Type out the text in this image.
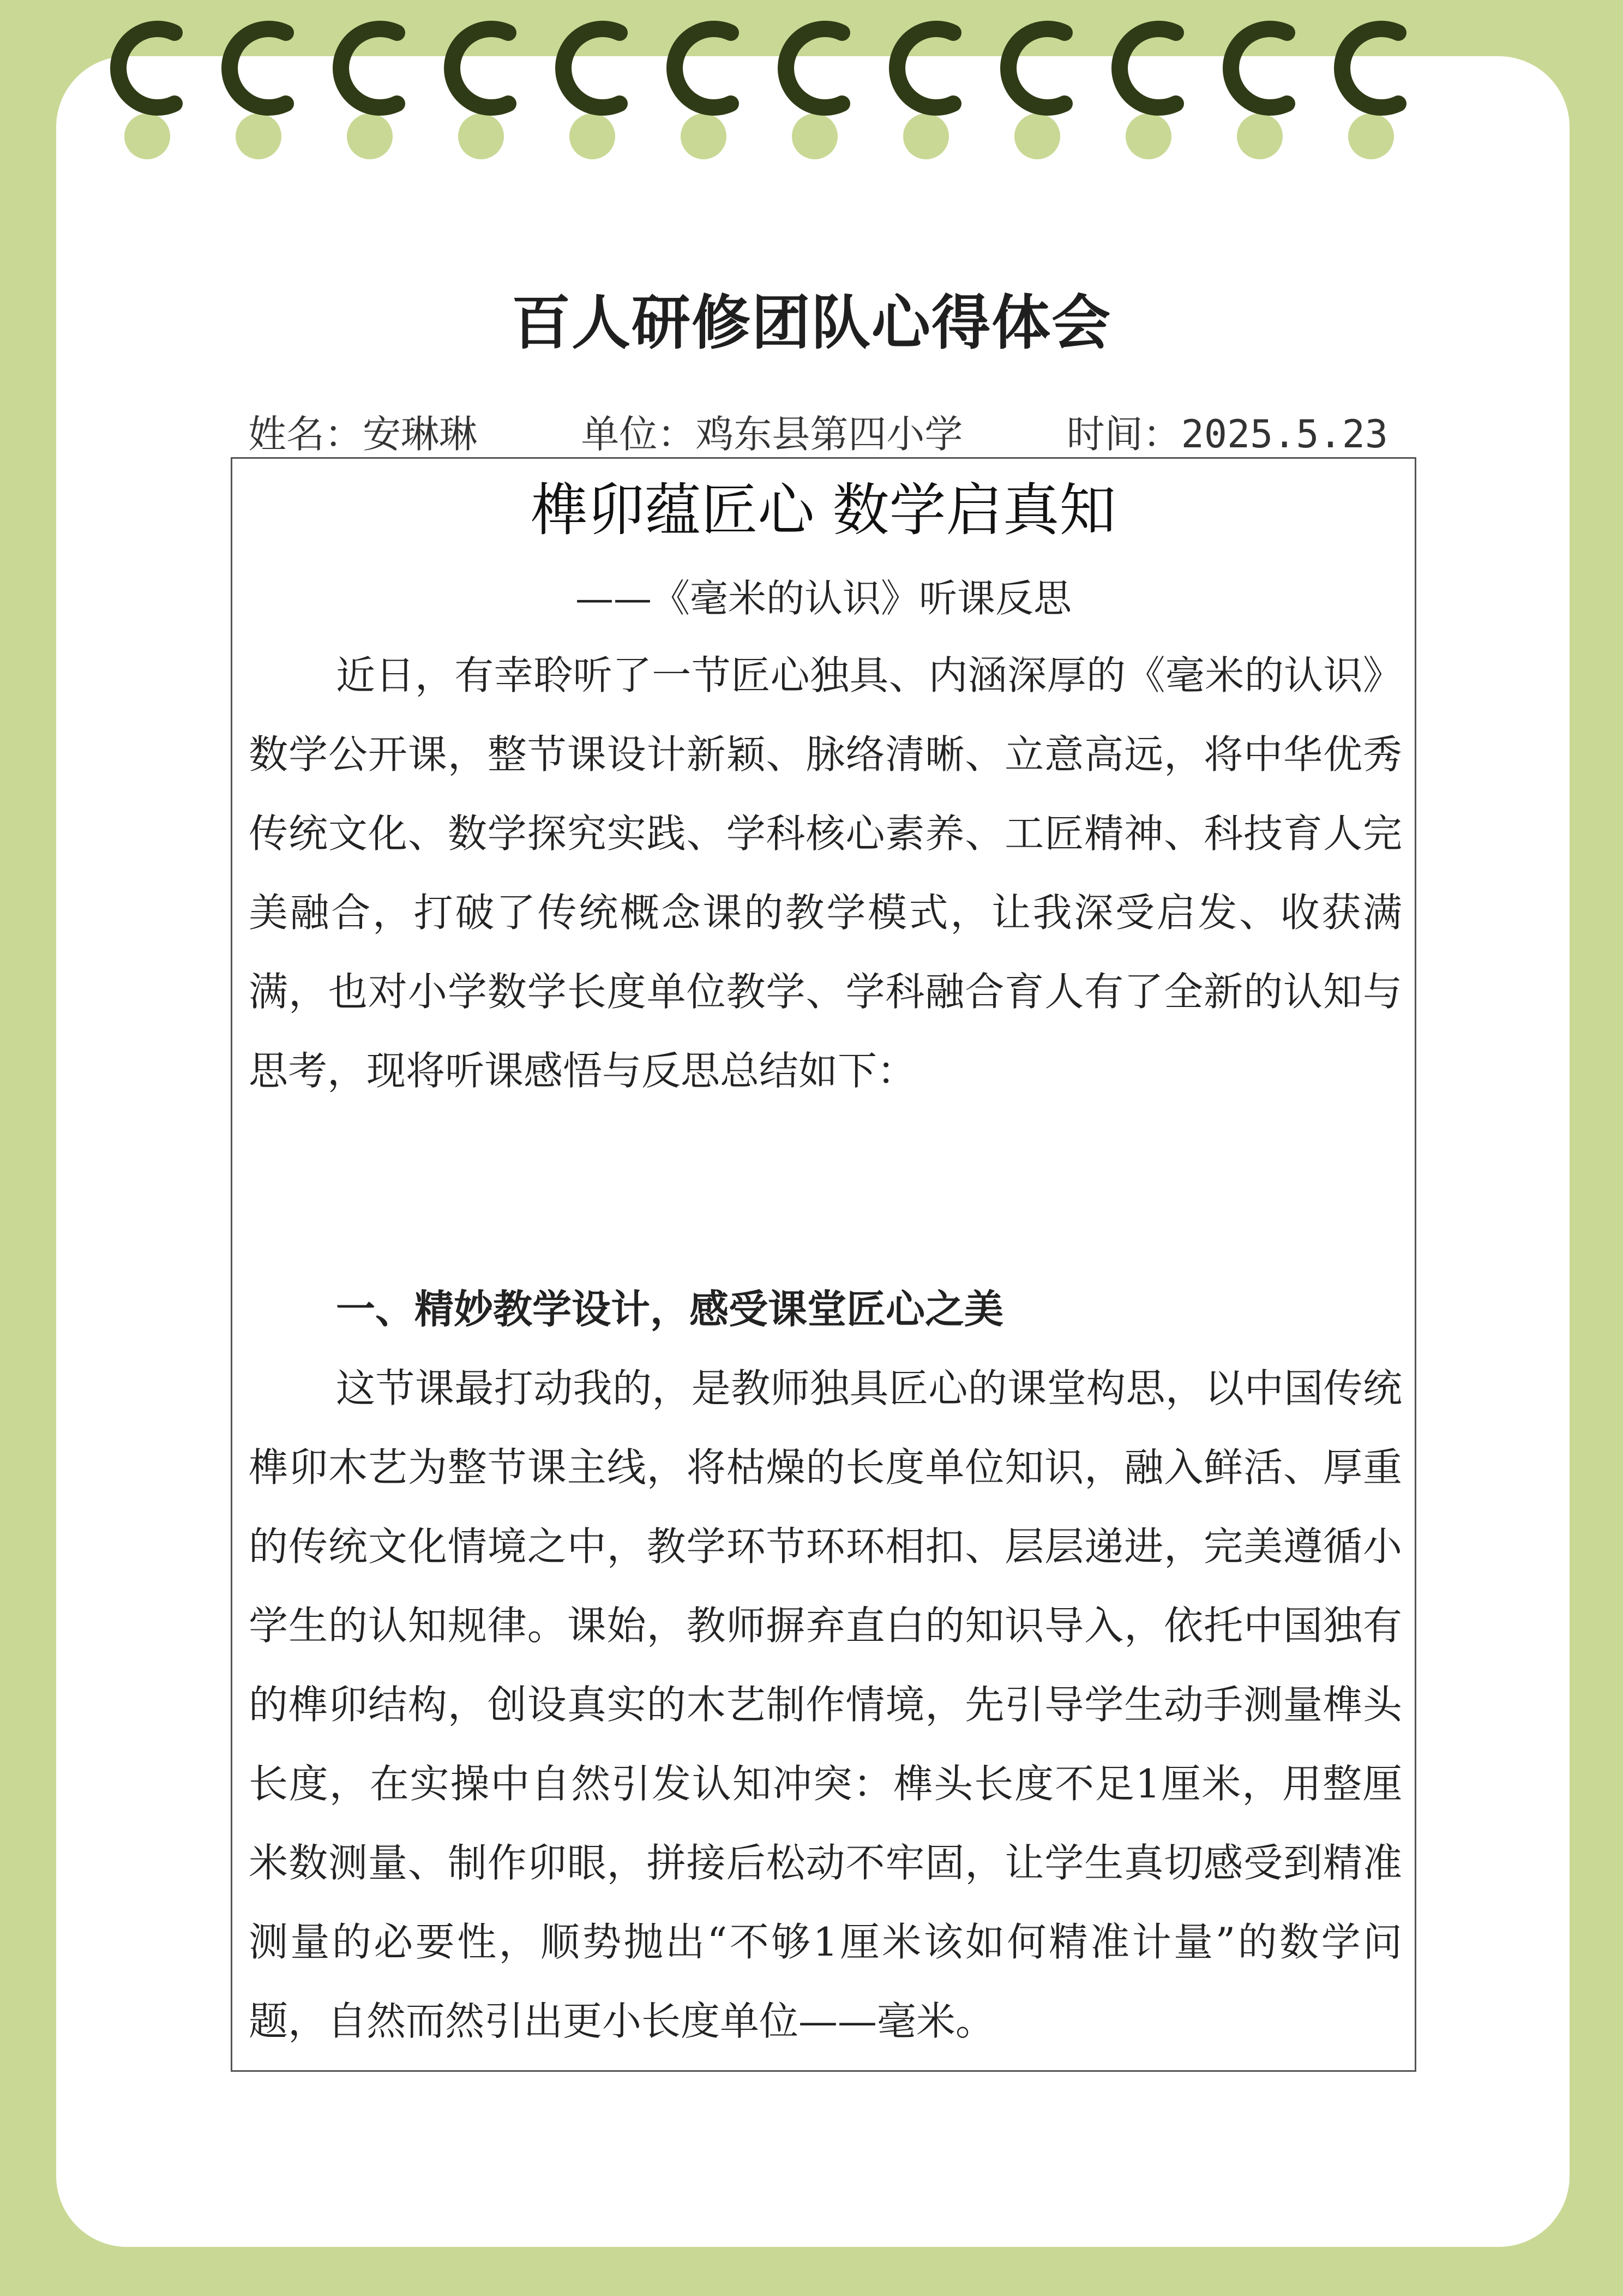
百人研修团队心得体会
姓名：安琳琳	单位：鸡东县第四小学	时间：2025.5.23
榫卯蕴匠心 数学启真知
——《毫米的认识》听课反思

近日，有幸聆听了一节匠心独具、内涵深厚的《毫米的认识》数学公开课，整节课设计新颖、脉络清晰、立意高远，将中华优秀传统文化、数学探究实践、学科核心素养、工匠精神、科技育人完美融合，打破了传统概念课的教学模式，让我深受启发、收获满满，也对小学数学长度单位教学、学科融合育人有了全新的认知与思考，现将听课感悟与反思总结如下：

一、精妙教学设计，感受课堂匠心之美

这节课最打动我的，是教师独具匠心的课堂构思，以中国传统榫卯木艺为整节课主线，将枯燥的长度单位知识，融入鲜活、厚重的传统文化情境之中，教学环节环环相扣、层层递进，完美遵循小学生的认知规律。课始，教师摒弃直白的知识导入，依托中国独有的榫卯结构，创设真实的木艺制作情境，先引导学生动手测量榫头长度，在实操中自然引发认知冲突：榫头长度不足1厘米，用整厘米数测量、制作卯眼，拼接后松动不牢固，让学生真切感受到精准测量的必要性，顺势抛出“不够1厘米该如何精准计量”的数学问题，自然而然引出更小长度单位——毫米。
